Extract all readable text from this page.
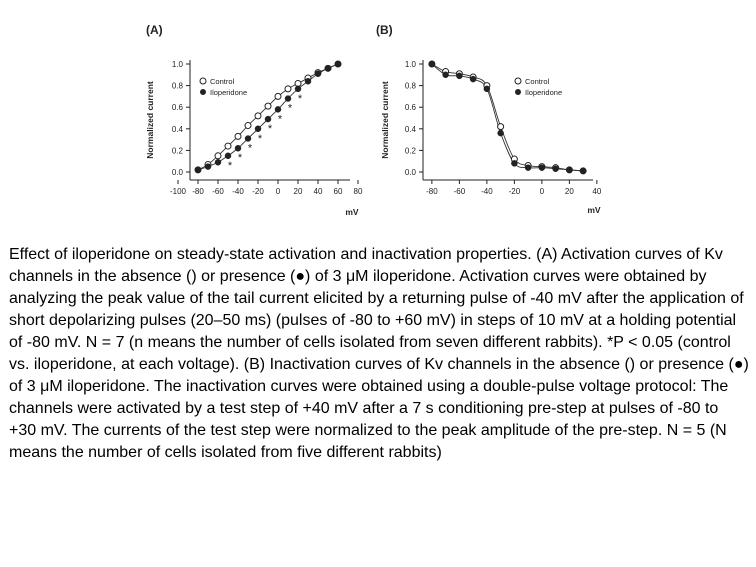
(A)
0.0
0.2
0.4
0.6
0.8
1.0
-100 -80 -60 -40 -20 0 20 40 60 80
Normalized current
mV
*
*
*
*
*
*
*
*
Control
Iloperidone
(B)
0.0
0.2
0.4
0.6
0.8
1.0
-80 -60 -40 -20 0	20 40
Normalized current
mV
Control
Iloperidone

Effect of iloperidone on steady-state activation and inactivation properties. (A) Activation curves of Kv channels in the absence () or presence (●) of 3 μM iloperidone. Activation curves were obtained by analyzing the peak value of the tail current elicited by a returning pulse of -40 mV after the application of short depolarizing pulses (20–50 ms) (pulses of -80 to +60 mV) in steps of 10 mV at a holding potential of -80 mV. N = 7 (n means the number of cells isolated from seven different rabbits). *P < 0.05 (control vs. iloperidone, at each voltage). (B) Inactivation curves of Kv channels in the absence () or presence (●) of 3 μM iloperidone. The inactivation curves were obtained using a double-pulse voltage protocol: The channels were activated by a test step of +40 mV after a 7 s conditioning pre-step at pulses of -80 to +30 mV. The currents of the test step were normalized to the peak amplitude of the pre-step. N = 5 (N means the number of cells isolated from five different rabbits)
